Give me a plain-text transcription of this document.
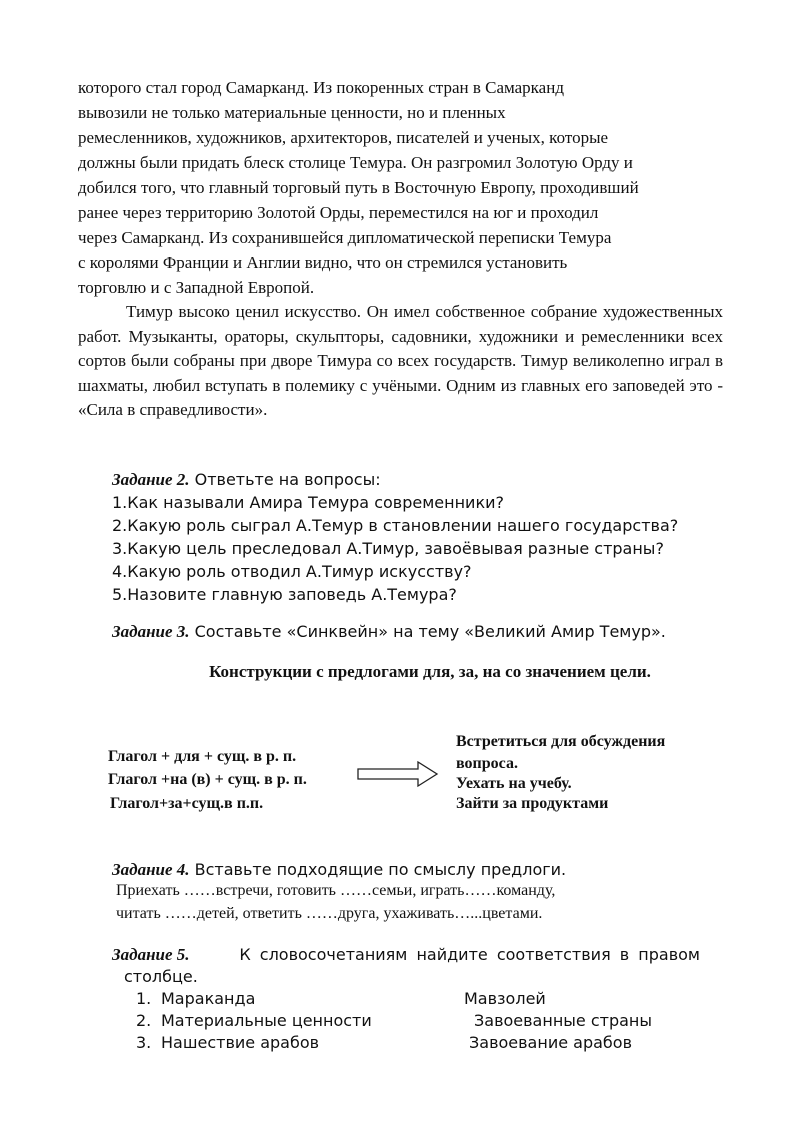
которого стал город Самарканд. Из покоренных стран в Самарканд
вывозили не только материальные ценности, но и пленных
ремесленников, художников, архитекторов, писателей и ученых, которые
должны были придать блеск столице Темура. Он разгромил Золотую Орду и
добился того, что главный торговый путь в Восточную Европу, проходивший
ранее через территорию Золотой Орды, переместился на юг и проходил
через Самарканд. Из сохранившейся дипломатической переписки Темура
с королями Франции и Англии видно, что он стремился установить
торговлю и с Западной Европой.
Тимур высоко ценил искусство. Он имел собственное собрание художественных работ. Музыканты, ораторы, скульпторы, садовники, художники и ремесленники всех сортов были собраны при дворе Тимура со всех государств. Тимур великолепно играл в шахматы, любил вступать в полемику с учёными. Одним из главных его заповедей это - «Сила в справедливости».
Задание 2. Ответьте на вопросы:
1.Как называли Амира Темура современники?
2.Какую роль сыграл А.Темур в становлении нашего государства?
3.Какую цель преследовал А.Тимур, завоёвывая разные страны?
4.Какую роль отводил А.Тимур искусству?
5.Назовите главную заповедь А.Темура?
Задание 3. Составьте «Синквейн» на тему «Великий Амир Темур».
Конструкции с предлогами для, за, на со значением цели.
Глагол + для + сущ. в р. п.
Глагол +на (в) + сущ. в р. п.
Глагол+за+сущ.в п.п.
Встретиться для обсуждения
вопроса.
Уехать на учебу.
Зайти за продуктами
Задание 4. Вставьте подходящие по смыслу предлоги.
Приехать ……встречи, готовить ……семьи, играть……команду,
читать ……детей, ответить ……друга, ухаживать…...цветами.
Задание 5.	К словосочетаниям найдите соответствия в правом
столбце.
1. Мараканда	Мавзолей
2. Материальные ценности	Завоеванные страны
3. Нашествие арабов	Завоевание арабов
